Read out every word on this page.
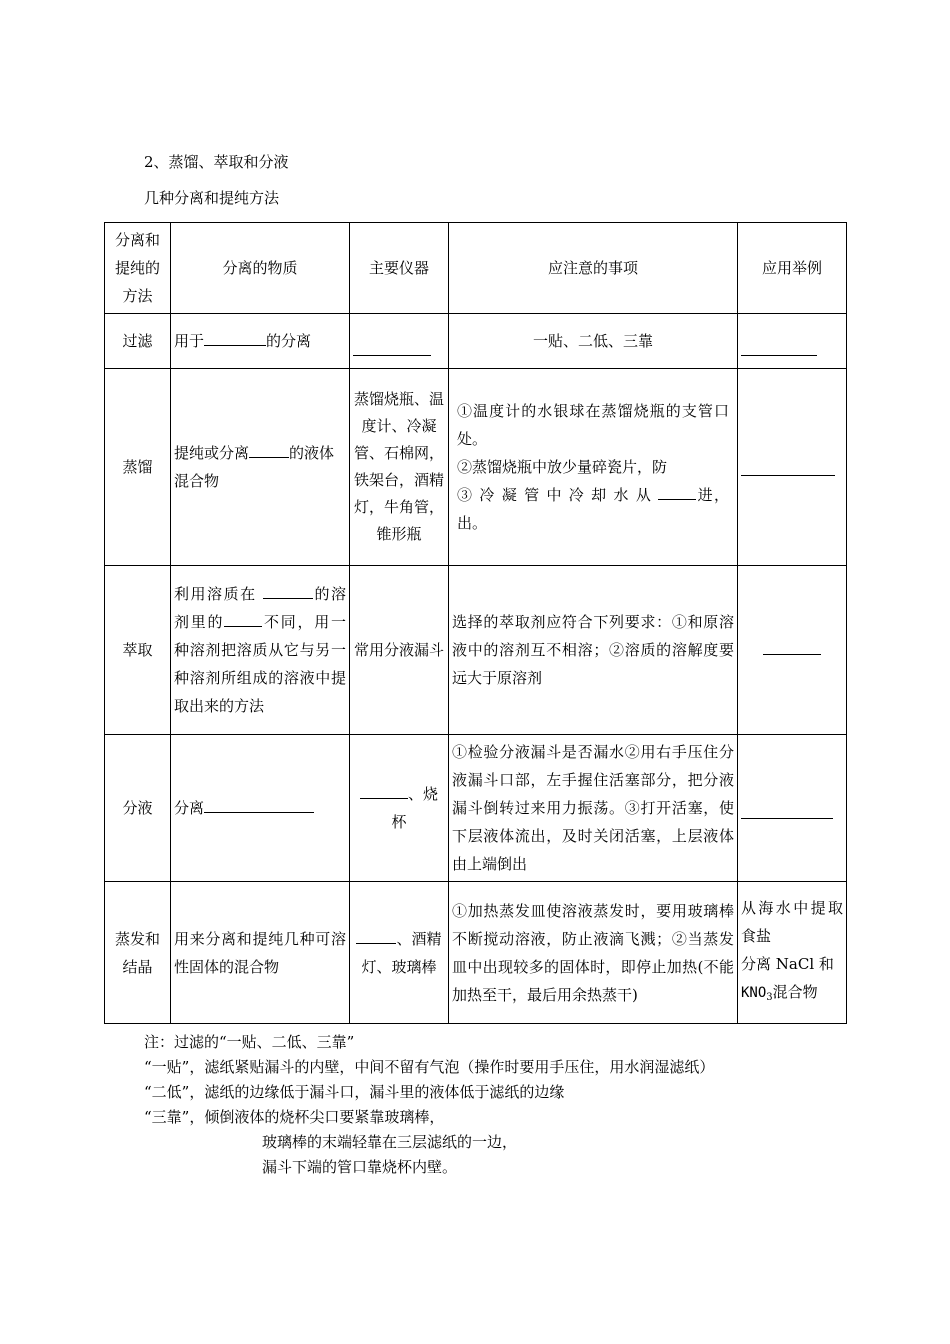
2、蒸馏、萃取和分液
几种分离和提纯方法
分离和提纯的方法	分离的物质	主要仪器	应注意的事项	应用举例
过滤	用于 的分离		一贴、二低、三靠	
蒸馏	提纯或分离 的液体混合物	蒸馏烧瓶、温度计、冷凝管、石棉网，铁架台，酒精灯，牛角管，锥形瓶	①温度计的水银球在蒸馏烧瓶的支管口处。
②蒸馏烧瓶中放少量碎瓷片，防
③冷凝管中冷却水从 进，出。	

萃取	利用溶质在 的溶剂里的 不同，用一种溶剂把溶质从它与另一种溶剂所组成的溶液中提取出来的方法	常用分液漏斗	选择的萃取剂应符合下列要求：①和原溶液中的溶剂互不相溶；②溶质的溶解度要远大于原溶剂	
分液	分离	、烧杯	①检验分液漏斗是否漏水②用右手压住分液漏斗口部，左手握住活塞部分，把分液漏斗倒转过来用力振荡。③打开活塞，使下层液体流出，及时关闭活塞，上层液体由上端倒出	
蒸发和结晶	用来分离和提纯几种可溶性固体的混合物	、酒精灯、玻璃棒	①加热蒸发皿使溶液蒸发时，要用玻璃棒不断搅动溶液，防止液滴飞溅；②当蒸发皿中出现较多的固体时，即停止加热(不能加热至干，最后用余热蒸干)	从海水中提取食盐
分离 NaCl 和
$KNO_3$混合物
注：过滤的“一贴、二低、三靠”
“一贴”，滤纸紧贴漏斗的内壁，中间不留有气泡（操作时要用手压住，用水润湿滤纸）
“二低”，滤纸的边缘低于漏斗口，漏斗里的液体低于滤纸的边缘
“三靠”，倾倒液体的烧杯尖口要紧靠玻璃棒，
玻璃棒的末端轻靠在三层滤纸的一边，
漏斗下端的管口靠烧杯内壁。
